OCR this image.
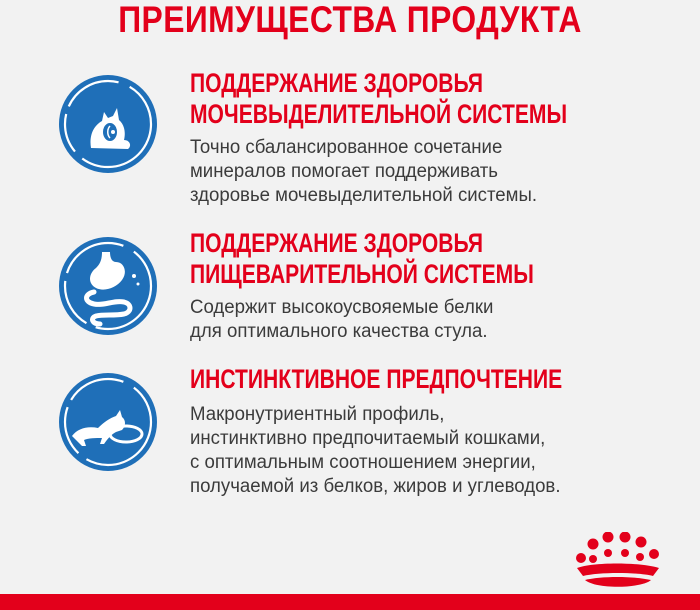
ПРЕИМУЩЕСТВА ПРОДУКТА
ПОДДЕРЖАНИЕ ЗДОРОВЬЯ
МОЧЕВЫДЕЛИТЕЛЬНОЙ СИСТЕМЫ
Точно сбалансированное сочетание
минералов помогает поддерживать
здоровье мочевыделительной системы.
ПОДДЕРЖАНИЕ ЗДОРОВЬЯ
ПИЩЕВАРИТЕЛЬНОЙ СИСТЕМЫ
Содержит высокоусвояемые белки
для оптимального качества стула.
ИНСТИНКТИВНОЕ ПРЕДПОЧТЕНИЕ
Макронутриентный профиль,
инстинктивно предпочитаемый кошками,
с оптимальным соотношением энергии,
получаемой из белков, жиров и углеводов.
